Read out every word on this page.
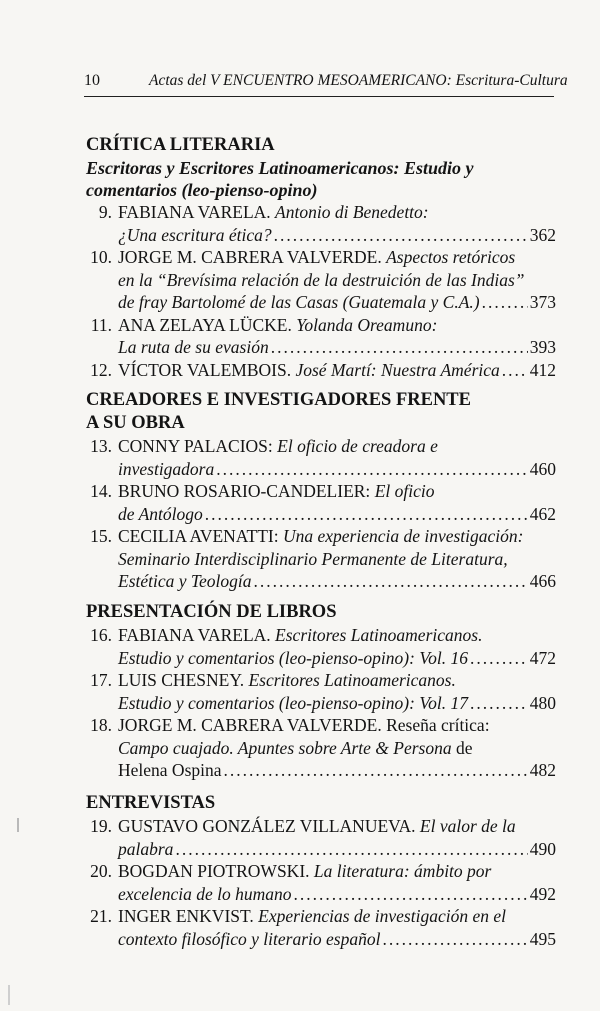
10	Actas del V ENCUENTRO MESOAMERICANO: Escritura-Cultura

CRÍTICA LITERARIA

Escritoras y Escritores Latinoamericanos: Estudio y

comentarios (leo-pienso-opino)

9. FABIANA VARELA. Antonio di Benedetto:
¿Una escritura ética? .....	362
10. JORGE M. CABRERA VALVERDE. Aspectos retóricos
en la “Brevísima relación de la destruición de las Indias”
de fray Bartolomé de las Casas (Guatemala y C.A.) .....	373
11. ANA ZELAYA LÜCKE. Yolanda Oreamuno:
La ruta de su evasión .....	393
12. VÍCTOR VALEMBOIS.
José Martí: Nuestra América ..... 412

CREADORES E INVESTIGADORES FRENTE

A SU OBRA

13. CONNY PALACIOS: El oficio de creadora e
investigadora .....	460
14. BRUNO ROSARIO-CANDELIER: El oficio
de Antólogo .....	462
15. CECILIA AVENATTI: Una experiencia de investigación:
Seminario Interdisciplinario Permanente de Literatura,
Estética y Teología .....	466

PRESENTACIÓN DE LIBROS

16. FABIANA VARELA. Escritores Latinoamericanos.
Estudio y comentarios (leo-pienso-opino): Vol. 16 .....	472
17. LUIS CHESNEY. Escritores Latinoamericanos.
Estudio y comentarios (leo-pienso-opino): Vol. 17 .....	480
18. JORGE M. CABRERA VALVERDE. Reseña crítica:
Campo cuajado. Apuntes sobre Arte & Persona de
Helena Ospina .....	482

ENTREVISTAS

19. GUSTAVO GONZÁLEZ VILLANUEVA. El valor de la
palabra .....	490
20. BOGDAN PIOTROWSKI. La literatura: ámbito por
excelencia de lo humano .....	492
21. INGER ENKVIST. Experiencias de investigación en el
contexto filosófico y literario español .....	495
